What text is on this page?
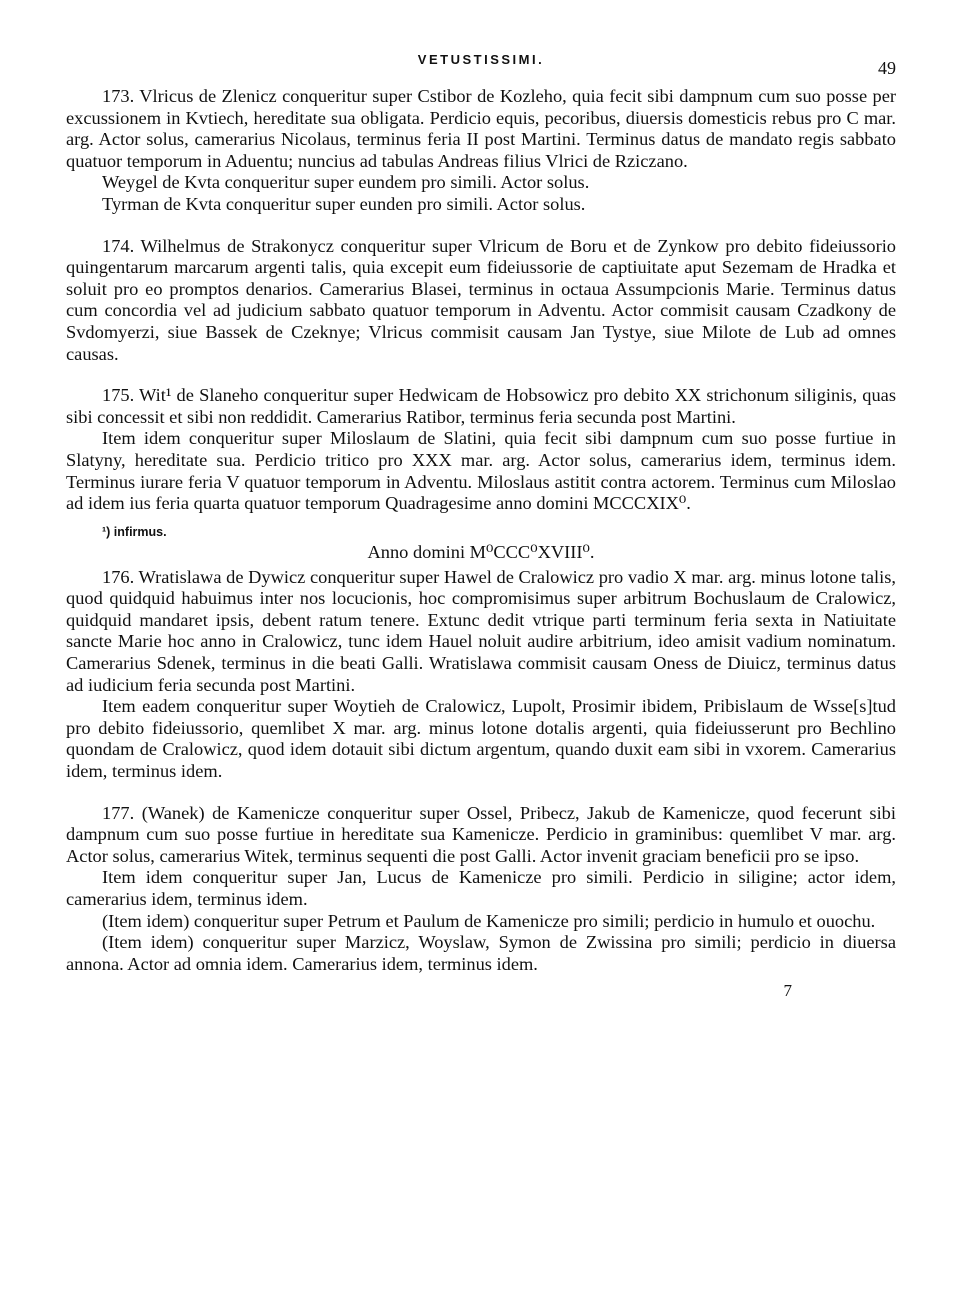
VETUSTISSIMI.	49

173. Vlricus de Zlenicz conqueritur super Cstibor de Kozleho, quia fecit sibi dampnum cum suo posse per excussionem in Kvtiech, hereditate sua obligata. Perdicio equis, pecoribus, diuersis domesticis rebus pro C mar. arg. Actor solus, camerarius Nicolaus, terminus feria II post Martini. Terminus datus de mandato regis sabbato quatuor temporum in Aduentu; nuncius ad tabulas Andreas filius Vlrici de Rziczano.

Weygel de Kvta conqueritur super eundem pro simili. Actor solus.

Tyrman de Kvta conqueritur super eunden pro simili. Actor solus.

174. Wilhelmus de Strakonycz conqueritur super Vlricum de Boru et de Zynkow pro debito fideiussorio quingentarum marcarum argenti talis, quia excepit eum fideiussorie de captiuitate aput Sezemam de Hradka et soluit pro eo promptos denarios. Camerarius Blasei, terminus in octaua Assumpcionis Marie. Terminus datus cum concordia vel ad judicium sabbato quatuor temporum in Adventu. Actor commisit causam Czadkony de Svdomyerzi, siue Bassek de Czeknye; Vlricus commisit causam Jan Tystye, siue Milote de Lub ad omnes causas.

175. Wit¹ de Slaneho conqueritur super Hedwicam de Hobsowicz pro debito XX strichonum siliginis, quas sibi concessit et sibi non reddidit. Camerarius Ratibor, terminus feria secunda post Martini.

Item idem conqueritur super Miloslaum de Slatini, quia fecit sibi dampnum cum suo posse furtiue in Slatyny, hereditate sua. Perdicio tritico pro XXX mar. arg. Actor solus, camerarius idem, terminus idem. Terminus iurare feria V quatuor temporum in Adventu. Miloslaus astitit contra actorem. Terminus cum Miloslao ad idem ius feria quarta quatuor temporum Quadragesime anno domini MCCCXIX⁰.

¹) infirmus.
Anno domini M⁰CCC⁰XVIII⁰.

176. Wratislawa de Dywicz conqueritur super Hawel de Cralowicz pro vadio X mar. arg. minus lotone talis, quod quidquid habuimus inter nos locucionis, hoc compromisimus super arbitrum Bochuslaum de Cralowicz, quidquid mandaret ipsis, debent ratum tenere. Extunc dedit vtrique parti terminum feria sexta in Natiuitate sancte Marie hoc anno in Cralowicz, tunc idem Hauel noluit audire arbitrium, ideo amisit vadium nominatum. Camerarius Sdenek, terminus in die beati Galli. Wratislawa commisit causam Oness de Diuicz, terminus datus ad iudicium feria secunda post Martini.

Item eadem conqueritur super Woytieh de Cralowicz, Lupolt, Prosimir ibidem, Pribislaum de Wsse[s]tud pro debito fideiussorio, quemlibet X mar. arg. minus lotone dotalis argenti, quia fideiusserunt pro Bechlino quondam de Cralowicz, quod idem dotauit sibi dictum argentum, quando duxit eam sibi in vxorem. Camerarius idem, terminus idem.

177. (Wanek) de Kamenicze conqueritur super Ossel, Pribecz, Jakub de Kamenicze, quod fecerunt sibi dampnum cum suo posse furtiue in hereditate sua Kamenicze. Perdicio in graminibus: quemlibet V mar. arg. Actor solus, camerarius Witek, terminus sequenti die post Galli. Actor invenit graciam beneficii pro se ipso.

Item idem conqueritur super Jan, Lucus de Kamenicze pro simili. Perdicio in siligine; actor idem, camerarius idem, terminus idem.

(Item idem) conqueritur super Petrum et Paulum de Kamenicze pro simili; perdicio in humulo et ouochu.

(Item idem) conqueritur super Marzicz, Woyslaw, Symon de Zwissina pro simili; perdicio in diuersa annona. Actor ad omnia idem. Camerarius idem, terminus idem.

7
